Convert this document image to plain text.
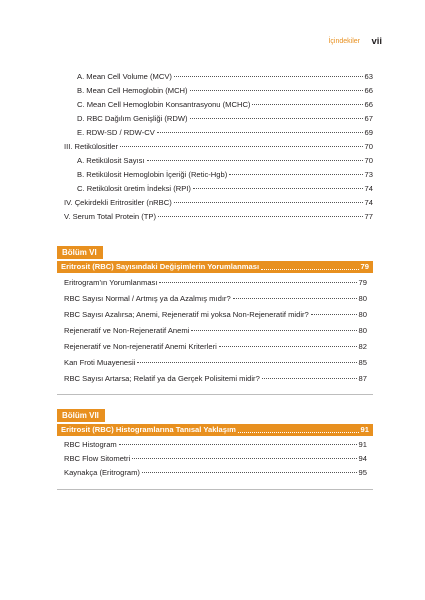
İçindekiler vii
A. Mean Cell Volume (MCV)	63
B. Mean Cell Hemoglobin (MCH)	66
C. Mean Cell Hemoglobin Konsantrasyonu (MCHC)	66
D. RBC Dağılım Genişliği (RDW)	67
E. RDW-SD / RDW-CV	69
III. Retikülositler	70
A. Retikülosit Sayısı	70
B. Retikülosit Hemoglobin İçeriği (Retic-Hgb)	73
C. Retikülosit üretim İndeksi (RPI)	74
IV. Çekirdekli Eritrositler (nRBC)	74
V. Serum Total Protein (TP)	77
Bölüm VI
Eritrosit (RBC) Sayısındaki Değişimlerin Yorumlanması	79
Eritrogram'ın Yorumlanması	79
RBC Sayısı Normal / Artmış ya da Azalmış mıdır?	80
RBC Sayısı Azalırsa; Anemi, Rejeneratif mi yoksa Non-Rejeneratif midir?	80
Rejeneratif ve Non-Rejeneratif Anemi	80
Rejeneratif ve Non-rejeneratif Anemi Kriterleri	82
Kan Froti Muayenesii	85
RBC Sayısı Artarsa; Relatif ya da Gerçek Polisitemi midir?	87
Bölüm VII
Eritrosit (RBC) Histogramlarına Tanısal Yaklaşım	91
RBC Histogram	91
RBC Flow Sitometri	94
Kaynakça (Eritrogram)	95
